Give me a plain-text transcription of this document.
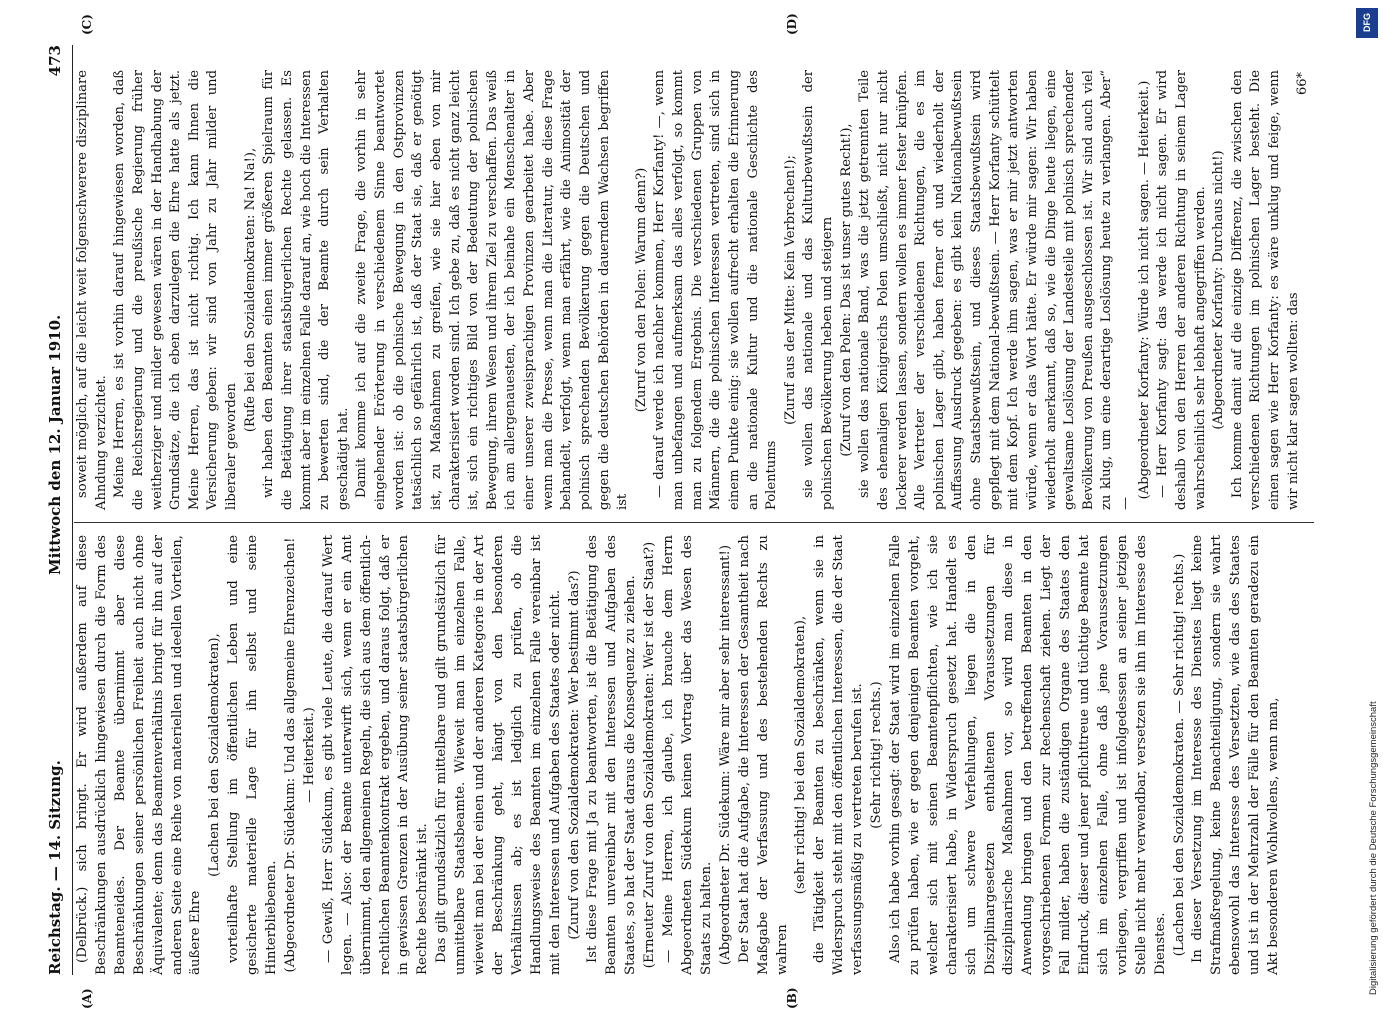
Reichstag. — 14. Sitzung.
Mittwoch den 12. Januar 1910.
473

(Delbrück.) sich bringt. Er wird außerdem auf diese Beschränkungen ausdrücklich hingewiesen durch die Form des Beamteneides. Der Beamte übernimmt aber diese Beschränkungen seiner persönlichen Freiheit auch nicht ohne Äquivalente; denn das Beamtenverhältnis bringt für ihn auf der anderen Seite eine Reihe von materiellen und ideellen Vorteilen, äußere Ehre

(Lachen bei den Sozialdemokraten), vorteilhafte Stellung im öffentlichen Leben und eine gesicherte materielle Lage für ihn selbst und seine Hinterbliebenen. (Abgeordneter Dr. Südekum: Und das allgemeine Ehrenzeichen! — Heiterkeit.) — Gewiß, Herr Südekum, es gibt viele Leute, die darauf Wert legen. — Also: der Beamte unterwirft sich, wenn er ein Amt übernimmt, den allgemeinen Regeln, die sich aus dem öffentlich-rechtlichen Beamtenkontrakt ergeben, und daraus folgt, daß er in gewissen Grenzen in der Ausübung seiner staatsbürgerlichen Rechte beschränkt ist. Das gilt grundsätzlich für mittelbare und gilt grundsätzlich für unmittelbare Staatsbeamte. Wieweit man im einzelnen Falle, wieweit man bei der einen und der anderen Kategorie in der Art der Beschränkung geht, hängt von den besonderen Verhältnissen ab; es ist lediglich zu prüfen, ob die Handlungsweise des Beamten im einzelnen Falle vereinbar ist mit den Interessen und Aufgaben des Staates oder nicht. (Zuruf von den Sozialdemokraten: Wer bestimmt das?) Ist diese Frage mit Ja zu beantworten, ist die Betätigung des Beamten unvereinbar mit den Interessen und Aufgaben des Staates, so hat der Staat daraus die Konsequenz zu ziehen. (Erneuter Zuruf von den Sozialdemokraten: Wer ist der Staat?) — Meine Herren, ich glaube, ich brauche dem Herrn Abgeordneten Südekum keinen Vortrag über das Wesen des Staats zu halten. (Abgeordneter Dr. Südekum: Wäre mir aber sehr interessant!) Der Staat hat die Aufgabe, die Interessen der Gesamtheit nach Maßgabe der Verfassung und des bestehenden Rechts zu wahren

(sehr richtig! bei den Sozialdemokraten), die Tätigkeit der Beamten zu beschränken, wenn sie in Widerspruch steht mit den öffentlichen Interessen, die der Staat verfassungsmäßig zu vertreten berufen ist. (Sehr richtig! rechts.) Also ich habe vorhin gesagt: der Staat wird im einzelnen Falle zu prüfen haben, wie er gegen denjenigen Beamten vorgeht, welcher sich mit seinen Beamtenpflichten, wie ich sie charakterisiert habe, in Widerspruch gesetzt hat. Handelt es sich um schwere Verfehlungen, liegen die in den Disziplinargesetzen enthaltenen Voraussetzungen für disziplinarische Maßnahmen vor, so wird man diese in Anwendung bringen und den betreffenden Beamten in den vorgeschriebenen Formen zur Rechenschaft ziehen. Liegt der Fall milder, haben die zuständigen Organe des Staates den Eindruck, dieser und jener pflichttreue und tüchtige Beamte hat sich im einzelnen Falle, ohne daß jene Voraussetzungen vorliegen, vergriffen und ist infolgedessen an seiner jetzigen Stelle nicht mehr verwendbar, versetzen sie ihn im Interesse des Dienstes. (Lachen bei den Sozialdemokraten. — Sehr richtig! rechts.) In dieser Versetzung im Interesse des Dienstes liegt keine Strafmaßregelung, keine Benachteiligung, sondern sie wahrt ebensowohl das Interesse des Versetzten, wie das des Staates und ist in der Mehrzahl der Fälle für den Beamten geradezu ein Akt besonderen Wohlwollens, wenn man,

soweit möglich, auf die leicht weit folgenschwerere disziplinare Ahndung verzichtet. Meine Herren, es ist vorhin darauf hingewiesen worden, daß die Reichsregierung und die preußische Regierung früher weitherziger und milder gewesen wären in der Handhabung der Grundsätze, die ich eben darzulegen die Ehre hatte als jetzt. Meine Herren, das ist nicht richtig. Ich kann Ihnen die Versicherung geben: wir sind von Jahr zu Jahr milder und liberaler geworden

(Rufe bei den Sozialdemokraten: Na! Na!), wir haben den Beamten einen immer größeren Spielraum für die Betätigung ihrer staatsbürgerlichen Rechte gelassen. Es kommt aber im einzelnen Falle darauf an, wie hoch die Interessen zu bewerten sind, die der Beamte durch sein Verhalten geschädigt hat. Damit komme ich auf die zweite Frage, die vorhin in sehr eingehender Erörterung in verschiedenem Sinne beantwortet worden ist: ob die polnische Bewegung in den Ostprovinzen tatsächlich so gefährlich ist, daß der Staat sie, daß er genötigt ist, zu Maßnahmen zu greifen, wie sie hier eben von mir charakterisiert worden sind. Ich gebe zu, daß es nicht ganz leicht ist, sich ein richtiges Bild von der Bedeutung der polnischen Bewegung, ihrem Wesen und ihrem Ziel zu verschaffen. Das weiß ich am allergenauesten, der ich beinahe ein Menschenalter in einer unserer zweisprachigen Provinzen gearbeitet habe. Aber wenn man die Presse, wenn man die Literatur, die diese Frage behandelt, verfolgt, wenn man erfährt, wie die Animosität der polnisch sprechenden Bevölkerung gegen die Deutschen und gegen die deutschen Behörden in dauerndem Wachsen begriffen ist

(Zuruf von den Polen: Warum denn?) — darauf werde ich nachher kommen, Herr Korfanty! —, wenn man unbefangen und aufmerksam das alles verfolgt, so kommt man zu folgendem Ergebnis. Die verschiedenen Gruppen von Männern, die die polnischen Interessen vertreten, sind sich in einem Punkte einig: sie wollen aufrecht erhalten die Erinnerung an die nationale Kultur und die nationale Geschichte des Polentums

(Zuruf aus der Mitte: Kein Verbrechen!); sie wollen das nationale und das Kulturbewußtsein der polnischen Bevölkerung heben und steigern (Zuruf von den Polen: Das ist unser gutes Recht!), sie wollen das nationale Band, was die jetzt getrennten Teile des ehemaligen Königreichs Polen umschließt, nicht nur nicht lockerer werden lassen, sondern wollen es immer fester knüpfen. Alle Vertreter der verschiedenen Richtungen, die es im polnischen Lager gibt, haben ferner oft und wiederholt der Auffassung Ausdruck gegeben: es gibt kein Nationalbewußtsein ohne Staatsbewußtsein, und dieses Staatsbewußtsein wird gepflegt mit dem National-bewußtsein. — Herr Korfanty schüttelt mit dem Kopf. Ich werde ihm sagen, was er mir jetzt antworten würde, wenn er das Wort hätte. Er würde mir sagen: Wir haben wiederholt anerkannt, daß so, wie die Dinge heute liegen, eine gewaltsame Loslösung der Landesteile mit polnisch sprechender Bevölkerung von Preußen ausgeschlossen ist. Wir sind auch viel zu klug, um eine derartige Loslösung heute zu verlangen. Aber“ —

(Abgeordneter Korfanty: Würde ich nicht sagen. — Heiterkeit.) — Herr Korfanty sagt: das werde ich nicht sagen. Er wird deshalb von den Herren der anderen Richtung in seinem Lager wahrscheinlich sehr lebhaft angegriffen werden. (Abgeordneter Korfanty: Durchaus nicht!) Ich komme damit auf die einzige Differenz, die zwischen den verschiedenen Richtungen im polnischen Lager besteht. Die einen sagen wie Herr Korfanty: es wäre unklug und feige, wenn wir nicht klar sagen wollten: das

(A)	(B)
(C)	(D)
66*
DFG
Digitalisierung gefördert durch die Deutsche Forschungsgemeinschaft
